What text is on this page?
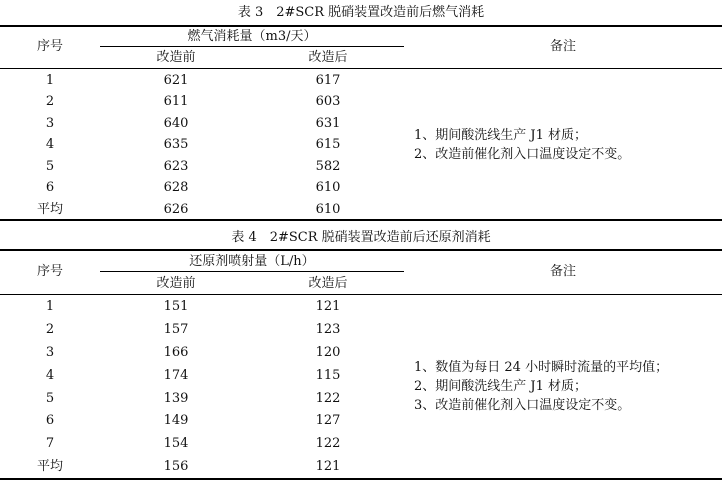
表 3　2#SCR 脱硝装置改造前后燃气消耗
序号
燃气消耗量（m3/天）
改造前	改造后
备注
1	621	617
2	611	603
3	640	631
4	635	615
5	623	582
6	628	610
平均	626	610
1、期间酸洗线生产 J1 材质；
2、改造前催化剂入口温度设定不变。
表 4　2#SCR 脱硝装置改造前后还原剂消耗
序号
还原剂喷射量（L/h）
改造前	改造后
备注
1	151	121
2	157	123
3	166	120
4	174	115
5	139	122
6	149	127
7	154	122
平均	156	121
1、数值为每日 24 小时瞬时流量的平均值；
2、期间酸洗线生产 J1 材质；
3、改造前催化剂入口温度设定不变。
